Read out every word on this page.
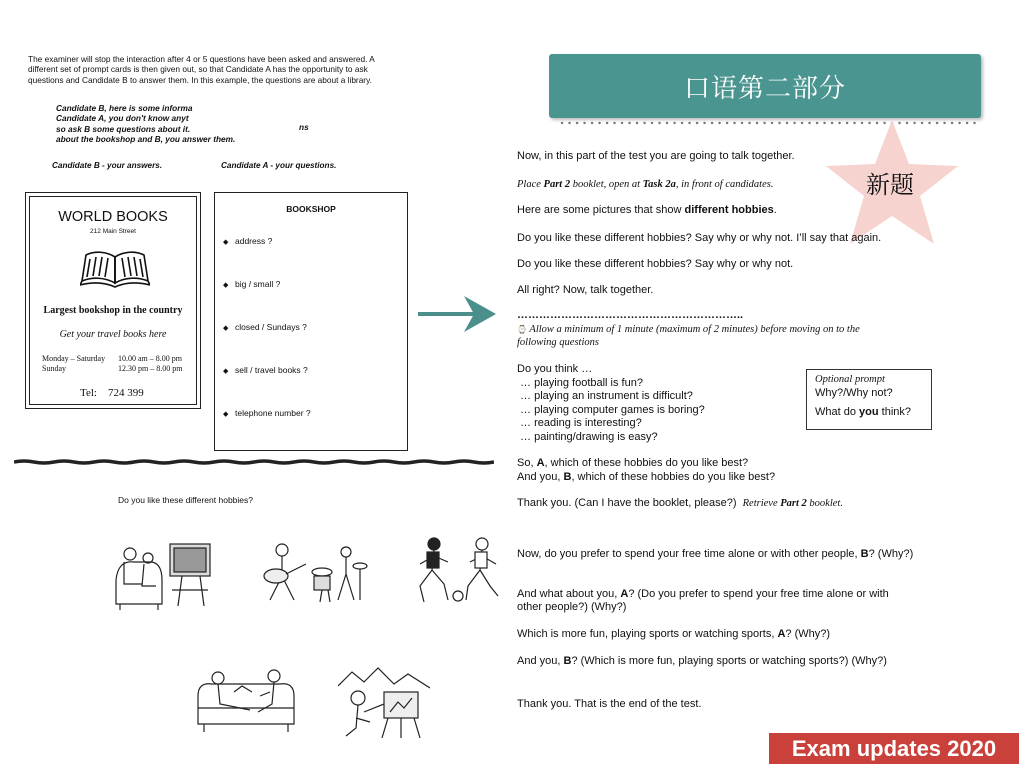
The examiner will stop the interaction after 4 or 5 questions have been asked and answered. A different set of prompt cards is then given out, so that Candidate A has the opportunity to ask questions and Candidate B to answer them. In this example, the questions are about a library.
Candidate B, here is some informa
Candidate A, you don't know anyt
so ask B some questions about it.
about the bookshop and B, you answer them.
ns
Candidate B - your answers.	Candidate A - your questions.
WORLD BOOKS
212 Main Street
Largest bookshop in the country
Get your travel books here
Monday – Saturday
Sunday
10.00 am – 8.00 pm
12.30 pm – 8.00 pm
Tel:    724 399
BOOKSHOP
◆ address ?
◆ big / small ?
◆ closed / Sundays ?
◆ sell / travel books ?
◆ telephone number ?
Do you like these different hobbies?
口语第二部分
新题
Now, in this part of the test you are going to talk together.
Place Part 2 booklet, open at Task 2a, in front of candidates.
Here are some pictures that show different hobbies.
Do you like these different hobbies? Say why or why not. I’ll say that again.
Do you like these different hobbies? Say why or why not.
All right? Now, talk together.
……………………………………………………..
⌚ Allow a minimum of 1 minute (maximum of 2 minutes) before moving on to the
following questions
Do you think …
… playing football is fun?
… playing an instrument is difficult?
… playing computer games is boring?
… reading is interesting?
… painting/drawing is easy?
Optional prompt
Why?/Why not?
What do you think?
So, A, which of these hobbies do you like best?
And you, B, which of these hobbies do you like best?
Thank you. (Can I have the booklet, please?)  Retrieve Part 2 booklet.
Now, do you prefer to spend your free time alone or with other people, B? (Why?)
And what about you, A? (Do you prefer to spend your free time alone or with
other people?) (Why?)
Which is more fun, playing sports or watching sports, A? (Why?)
And you, B? (Which is more fun, playing sports or watching sports?) (Why?)
Thank you. That is the end of the test.
Exam updates 2020
